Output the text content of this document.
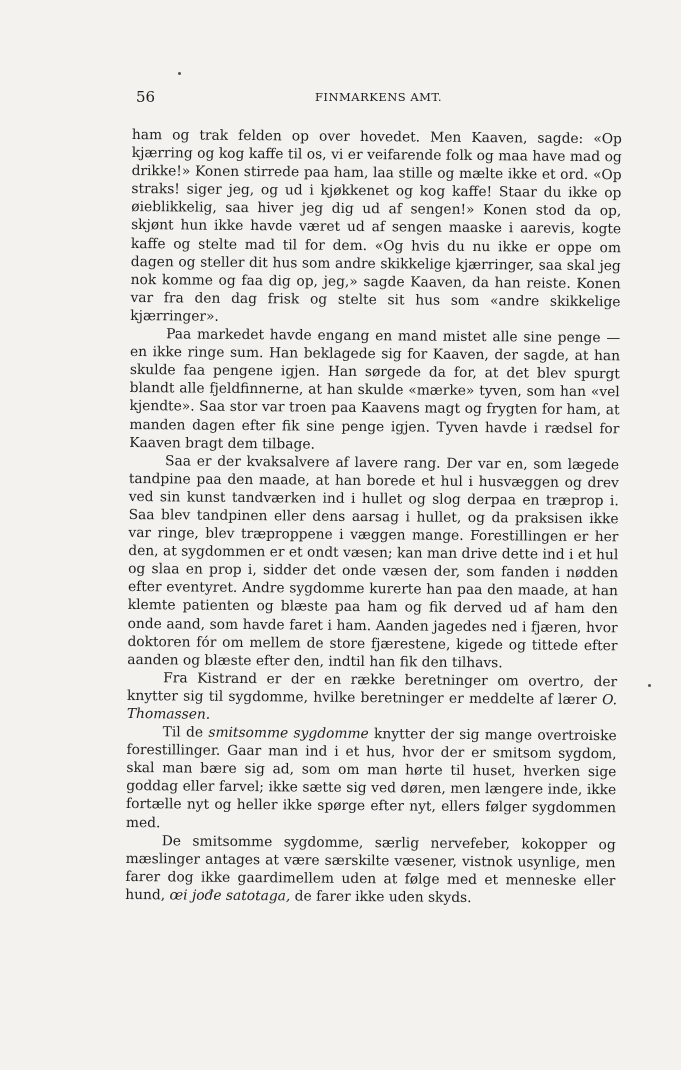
56	FINMARKENS AMT.

ham og trak felden op over hovedet. Men Kaaven, sagde: «Op kjærring og kog kaffe til os, vi er veifarende folk og maa have mad og drikke!» Konen stirrede paa ham, laa stille og mælte ikke et ord. «Op straks! siger jeg, og ud i kjøkkenet og kog kaffe! Staar du ikke op øieblikkelig, saa hiver jeg dig ud af sengen!» Konen stod da op, skjønt hun ikke havde været ud af sengen maaske i aarevis, kogte kaffe og stelte mad til for dem. «Og hvis du nu ikke er oppe om dagen og steller dit hus som andre skikkelige kjærringer, saa skal jeg nok komme og faa dig op, jeg,» sagde Kaaven, da han reiste. Konen var fra den dag frisk og stelte sit hus som «andre skikkelige kjærringer».

Paa markedet havde engang en mand mistet alle sine penge — en ikke ringe sum. Han beklagede sig for Kaaven, der sagde, at han skulde faa pengene igjen. Han sørgede da for, at det blev spurgt blandt alle fjeldfinnerne, at han skulde «mærke» tyven, som han «vel kjendte». Saa stor var troen paa Kaavens magt og frygten for ham, at manden dagen efter fik sine penge igjen. Tyven havde i rædsel for Kaaven bragt dem tilbage.

Saa er der kvaksalvere af lavere rang. Der var en, som lægede tandpine paa den maade, at han borede et hul i husvæggen og drev ved sin kunst tandværken ind i hullet og slog derpaa en træprop i. Saa blev tandpinen eller dens aarsag i hullet, og da praksisen ikke var ringe, blev træproppene i væggen mange. Forestillingen er her den, at sygdommen er et ondt væsen; kan man drive dette ind i et hul og slaa en prop i, sidder det onde væsen der, som fanden i nødden efter eventyret. Andre sygdomme kurerte han paa den maade, at han klemte patienten og blæste paa ham og fik derved ud af ham den onde aand, som havde faret i ham. Aanden jagedes ned i fjæren, hvor doktoren fór om mellem de store fjærestene, kigede og tittede efter aanden og blæste efter den, indtil han fik den tilhavs.

Fra Kistrand er der en række beretninger om overtro, der knytter sig til sygdomme, hvilke beretninger er meddelte af lærer O. Thomassen.

Til de smitsomme sygdomme knytter der sig mange overtroiske forestillinger. Gaar man ind i et hus, hvor der er smitsom sygdom, skal man bære sig ad, som om man hørte til huset, hverken sige goddag eller farvel; ikke sætte sig ved døren, men længere inde, ikke fortælle nyt og heller ikke spørge efter nyt, ellers følger sygdommen med.

De smitsomme sygdomme, særlig nervefeber, kokopper og mæslinger antages at være særskilte væsener, vistnok usynlige, men farer dog ikke gaardimellem uden at følge med et menneske eller hund, œi jođe satotaga, de farer ikke uden skyds.
